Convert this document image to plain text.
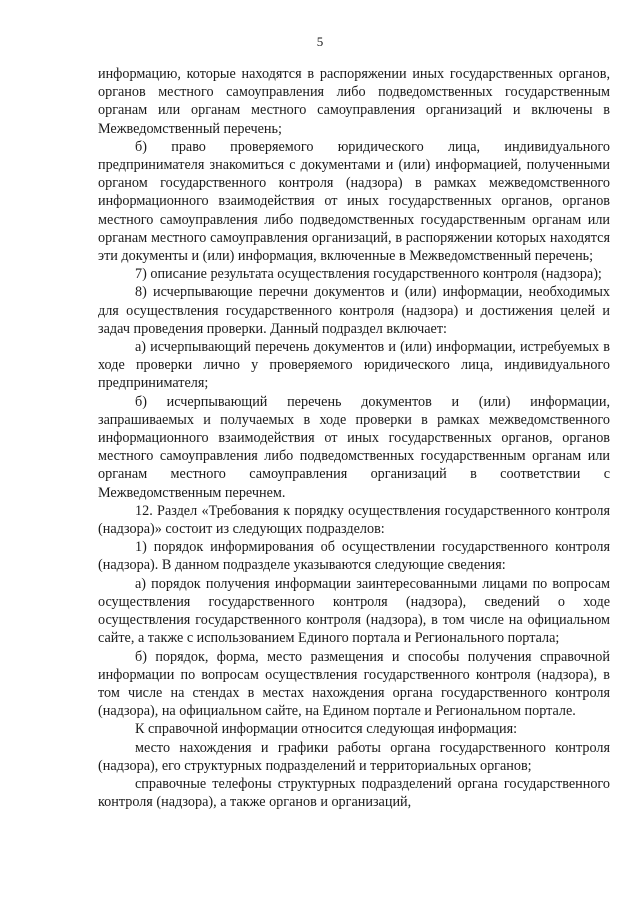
5

информацию, которые находятся в распоряжении иных государственных органов, органов местного самоуправления либо подведомственных государственным органам или органам местного самоуправления организаций и включены в Межведомственный перечень;

б) право проверяемого юридического лица, индивидуального предпринимателя знакомиться с документами и (или) информацией, полученными органом государственного контроля (надзора) в рамках межведомственного информационного взаимодействия от иных государственных органов, органов местного самоуправления либо подведомственных государственным органам или органам местного самоуправления организаций, в распоряжении которых находятся эти документы и (или) информация, включенные в Межведомственный перечень;

7) описание результата осуществления государственного контроля (надзора);

8) исчерпывающие перечни документов и (или) информации, необходимых для осуществления государственного контроля (надзора) и достижения целей и задач проведения проверки. Данный подраздел включает:

а) исчерпывающий перечень документов и (или) информации, истребуемых в ходе проверки лично у проверяемого юридического лица, индивидуального предпринимателя;

б) исчерпывающий перечень документов и (или) информации, запрашиваемых и получаемых в ходе проверки в рамках межведомственного информационного взаимодействия от иных государственных органов, органов местного самоуправления либо подведомственных государственным органам или органам местного самоуправления организаций в соответствии с Межведомственным перечнем.

12. Раздел «Требования к порядку осуществления государственного контроля (надзора)» состоит из следующих подразделов:

1) порядок информирования об осуществлении государственного контроля (надзора). В данном подразделе указываются следующие сведения:

а) порядок получения информации заинтересованными лицами по вопросам осуществления государственного контроля (надзора), сведений о ходе осуществления государственного контроля (надзора), в том числе на официальном сайте, а также с использованием Единого портала и Регионального портала;

б) порядок, форма, место размещения и способы получения справочной информации по вопросам осуществления государственного контроля (надзора), в том числе на стендах в местах нахождения органа государственного контроля (надзора), на официальном сайте, на Едином портале и Региональном портале.

К справочной информации относится следующая информация:

место нахождения и графики работы органа государственного контроля (надзора), его структурных подразделений и территориальных органов;

справочные телефоны структурных подразделений органа государственного контроля (надзора), а также органов и организаций,
